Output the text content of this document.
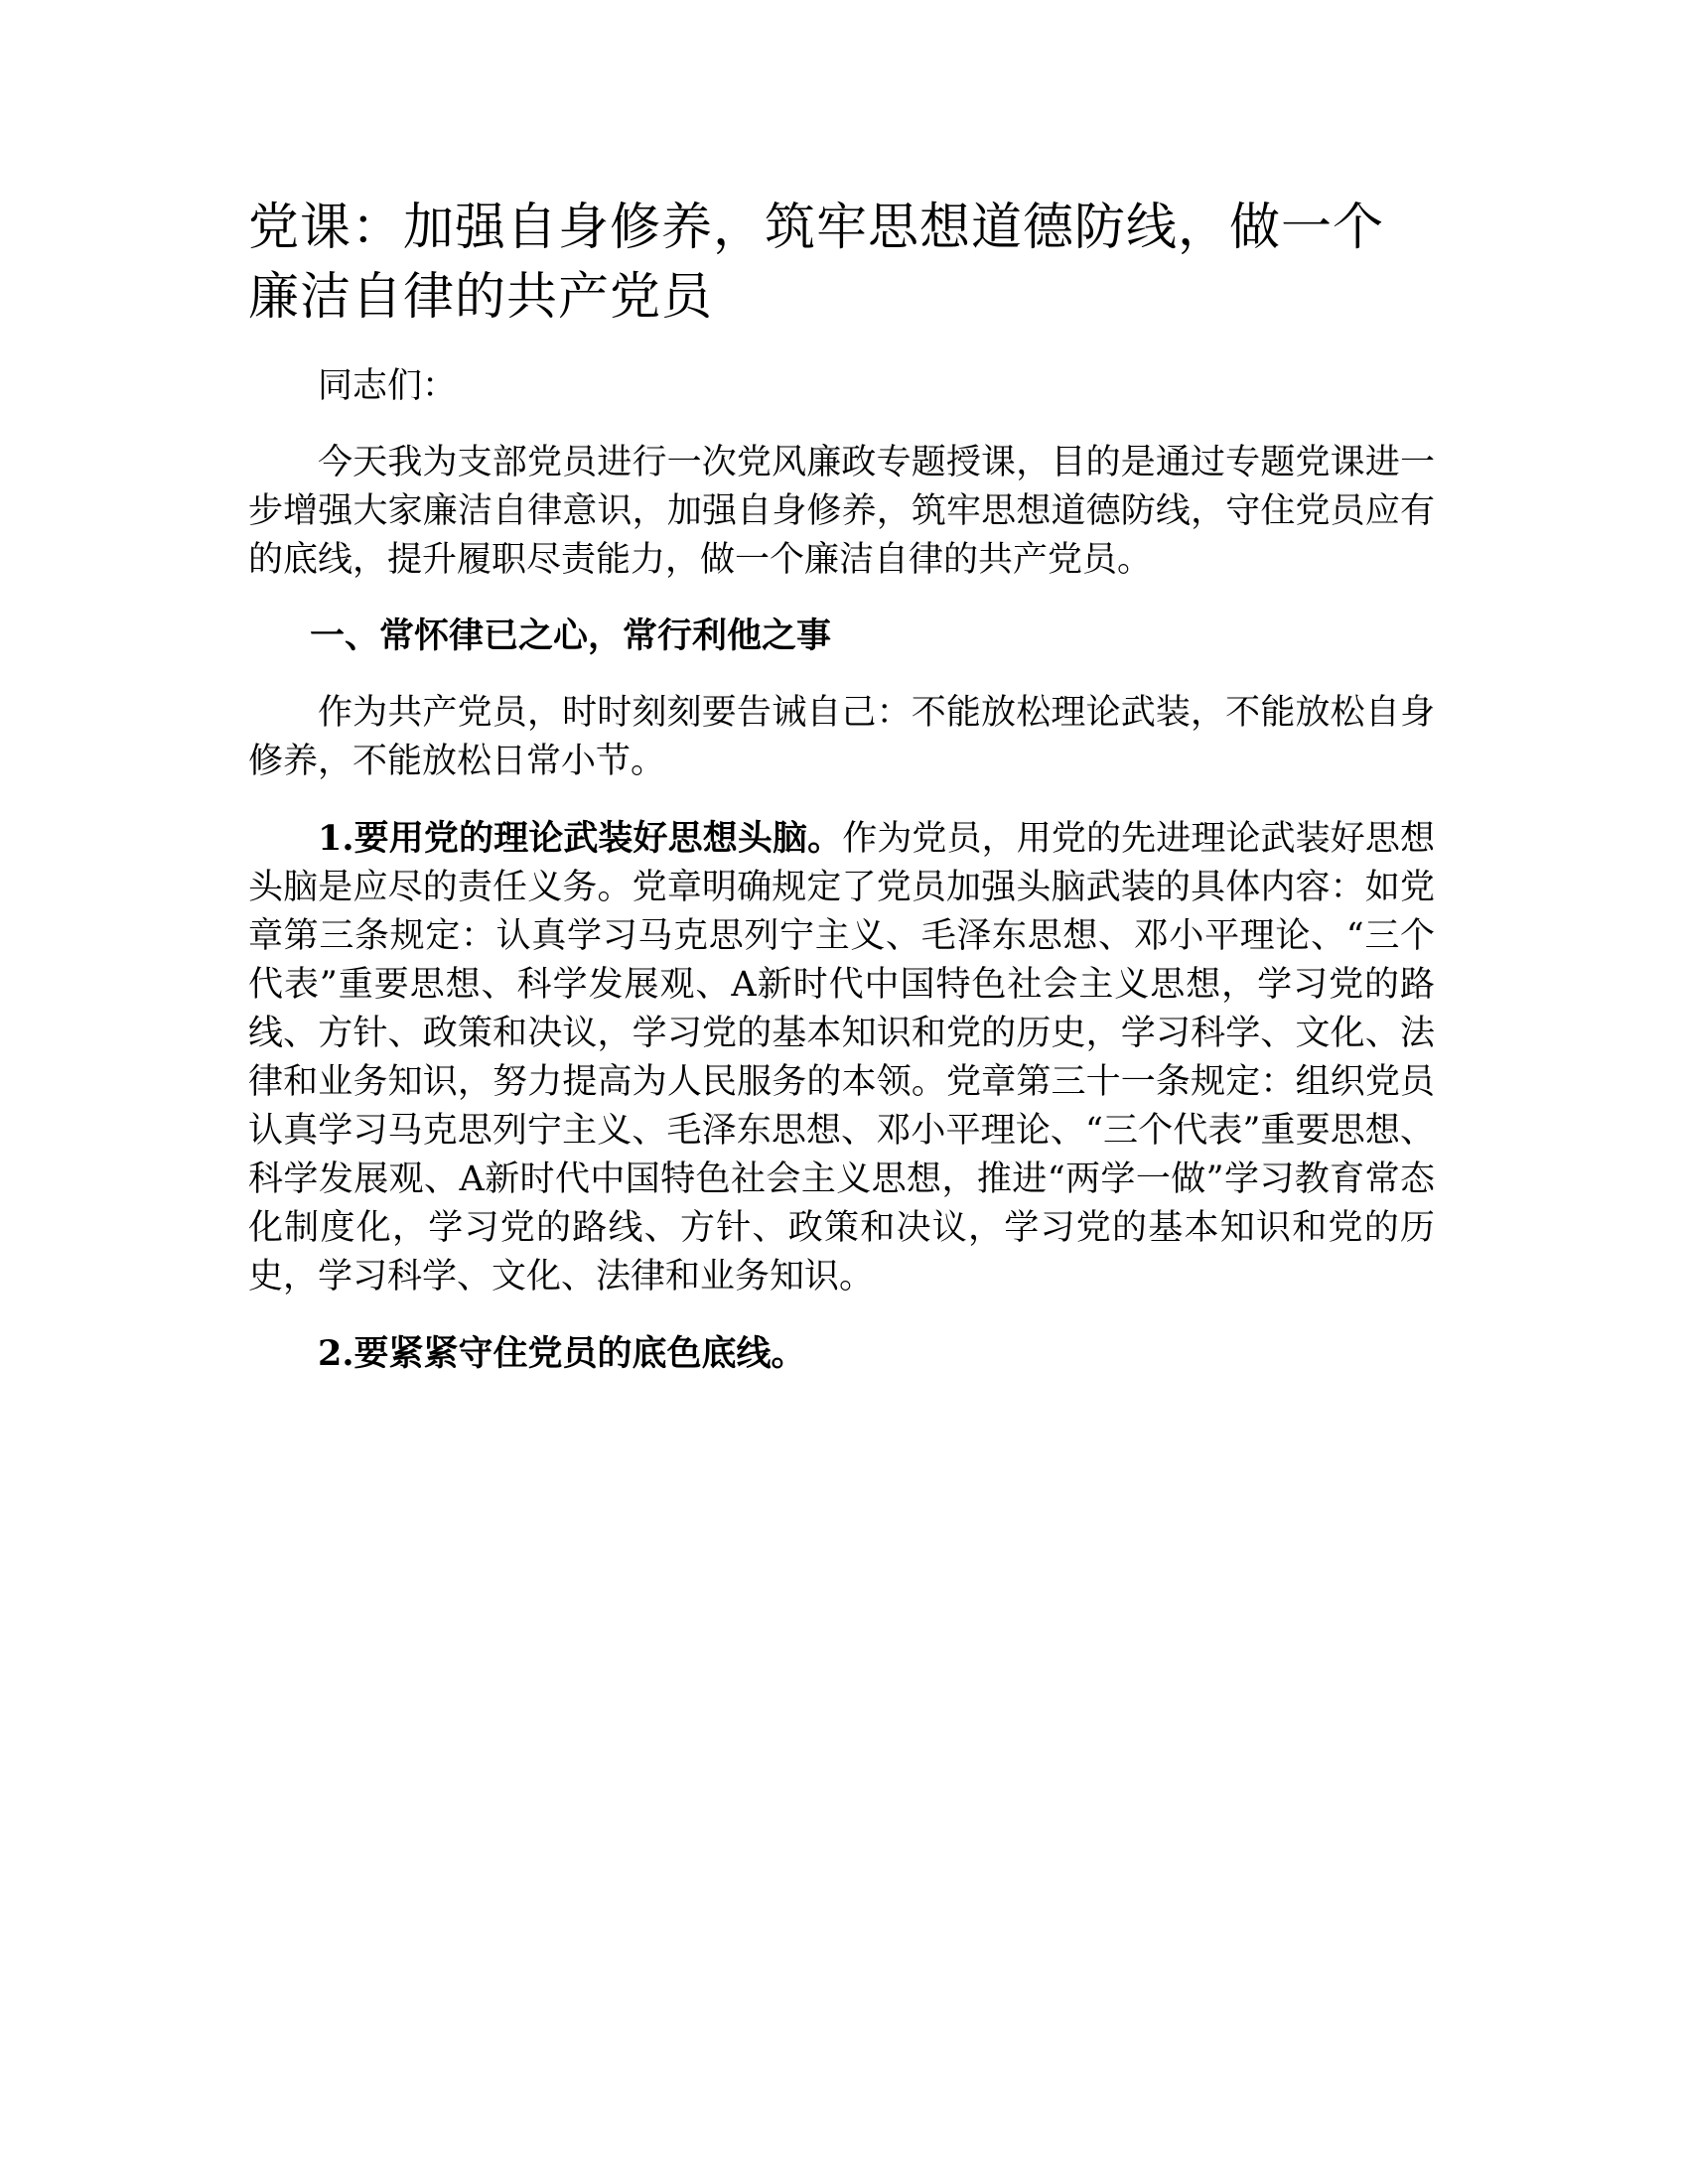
党课：加强自身修养，筑牢思想道德防线，做一个廉洁自律的共产党员

同志们：

今天我为支部党员进行一次党风廉政专题授课，目的是通过专题党课进一步增强大家廉洁自律意识，加强自身修养，筑牢思想道德防线，守住党员应有的底线，提升履职尽责能力，做一个廉洁自律的共产党员。

一、常怀律已之心，常行利他之事

作为共产党员，时时刻刻要告诫自己：不能放松理论武装，不能放松自身修养，不能放松日常小节。

1.要用党的理论武装好思想头脑。作为党员，用党的先进理论武装好思想头脑是应尽的责任义务。党章明确规定了党员加强头脑武装的具体内容：如党章第三条规定：认真学习马克思列宁主义、毛泽东思想、邓小平理论、“三个代表”重要思想、科学发展观、A新时代中国特色社会主义思想，学习党的路线、方针、政策和决议，学习党的基本知识和党的历史，学习科学、文化、法律和业务知识，努力提高为人民服务的本领。党章第三十一条规定：组织党员认真学习马克思列宁主义、毛泽东思想、邓小平理论、“三个代表”重要思想、科学发展观、A新时代中国特色社会主义思想，推进“两学一做”学习教育常态化制度化，学习党的路线、方针、政策和决议，学习党的基本知识和党的历史，学习科学、文化、法律和业务知识。

2.要紧紧守住党员的底色底线。
